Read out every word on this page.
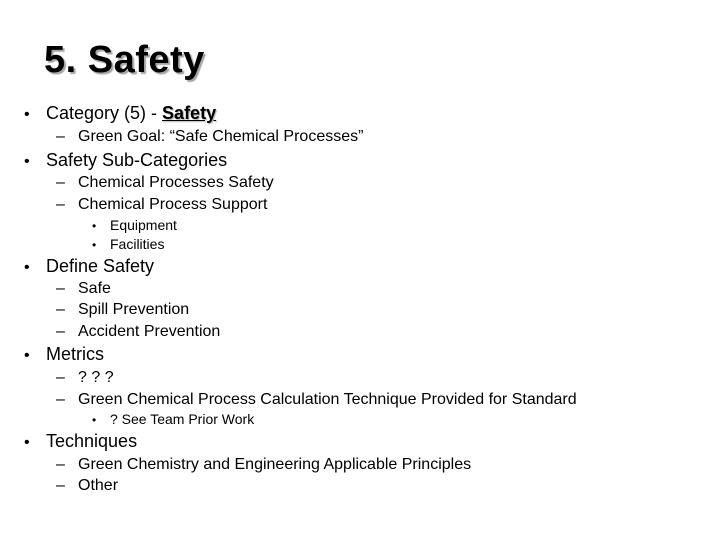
5. Safety
• Category (5) - Safety
– Green Goal: “Safe Chemical Processes”
• Safety Sub-Categories
– Chemical Processes Safety
– Chemical Process Support
• Equipment
• Facilities
• Define Safety
– Safe
– Spill Prevention
– Accident Prevention
• Metrics
– ? ? ?
– Green Chemical Process Calculation Technique Provided for Standard
• ? See Team Prior Work
• Techniques
– Green Chemistry and Engineering Applicable Principles
– Other
